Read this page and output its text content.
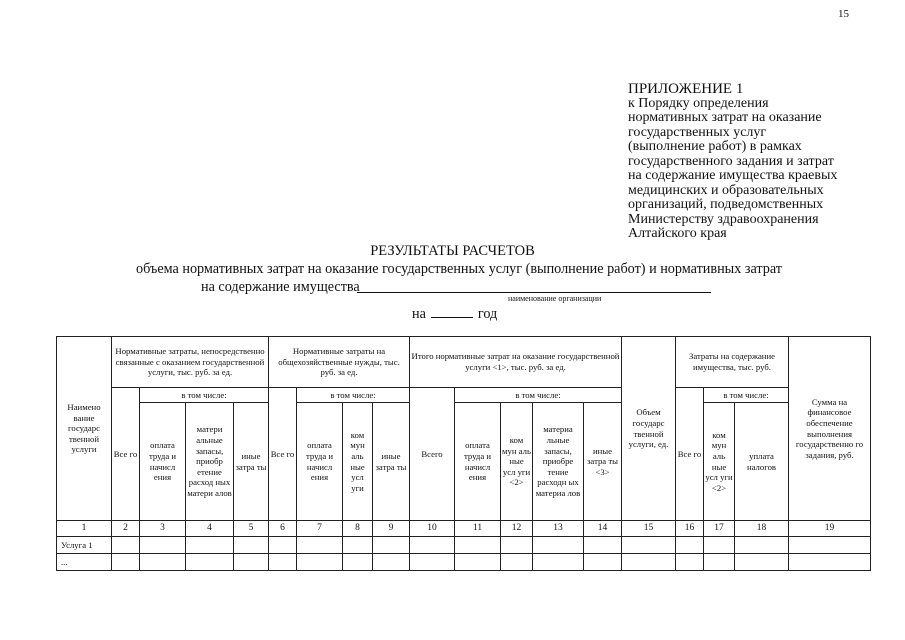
15
ПРИЛОЖЕНИЕ 1
к Порядку определения
нормативных затрат на оказание
государственных услуг
(выполнение работ) в рамках
государственного задания и затрат
на содержание имущества краевых
медицинских и образовательных
организаций, подведомственных
Министерству здравоохранения
Алтайского края
РЕЗУЛЬТАТЫ РАСЧЕТОВ
объема нормативных затрат на оказание государственных услуг (выполнение работ) и нормативных затрат
на содержание имущества
наименование организации
на	год
Наимено вание государс твенной услуги	Нормативные затраты, непосредственно связанные с оказанием государственной услуги, тыс. руб. за ед.				Нормативные затраты на общехозяйственные нужды, тыс. руб. за ед.				Итого нормативные затрат на оказание государственной услуги <1>, тыс. руб. за ед.					Объем государс твенной услуги, ед.	Затраты на содержание имущества, тыс. руб.			Сумма на финансовое обеспечение выполнения государственно го задания, руб.
	Все го	в том числе:			Все го	в том числе:			Всего	в том числе:					Все го	в том числе:		
		оплата труда и начисл ения	матери альные запасы, приобр етение расход ных матери алов	иные затра ты		оплата труда и начисл ения	ком мун аль ные усл уги	иные затра ты		оплата труда и начисл ения	ком мун аль ные усл уги <2>	материа льные запасы, приобре тение расходн ых материа лов	иные затра ты <3>			ком мун аль ные усл уги <2>	уплата налогов	
1	2	3	4	5	6	7	8	9	10	11	12	13	14	15	16	17	18	19
Услуга 1																		
...																		
